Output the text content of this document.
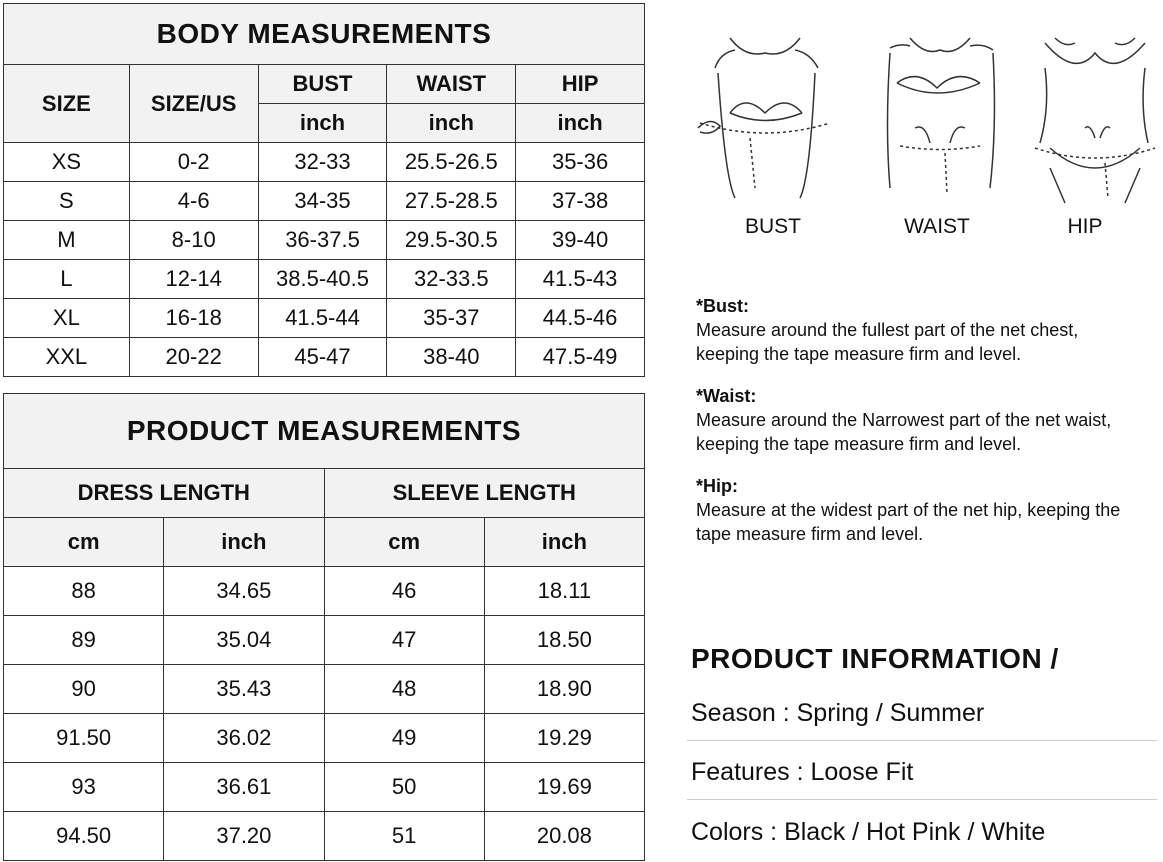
BODY MEASUREMENTS				
SIZE	SIZE/US	BUST	WAIST	HIP
		inch	inch	inch
XS	0-2	32-33	25.5-26.5	35-36
S	4-6	34-35	27.5-28.5	37-38
M	8-10	36-37.5	29.5-30.5	39-40
L	12-14	38.5-40.5	32-33.5	41.5-43
XL	16-18	41.5-44	35-37	44.5-46
XXL	20-22	45-47	38-40	47.5-49
PRODUCT MEASUREMENTS			
DRESS LENGTH		SLEEVE LENGTH	
cm	inch	cm	inch
88	34.65	46	18.11
89	35.04	47	18.50
90	35.43	48	18.90
91.50	36.02	49	19.29
93	36.61	50	19.69
94.50	37.20	51	20.08
BUST	WAIST	HIP
*Bust:
Measure around the fullest part of the net chest, keeping the tape measure firm and level.
*Waist:
Measure around the Narrowest part of the net waist, keeping the tape measure firm and level.
*Hip:
Measure at the widest part of the net hip, keeping the tape measure firm and level.
PRODUCT INFORMATION /
Season : Spring / Summer
Features : Loose Fit
Colors : Black / Hot Pink / White
